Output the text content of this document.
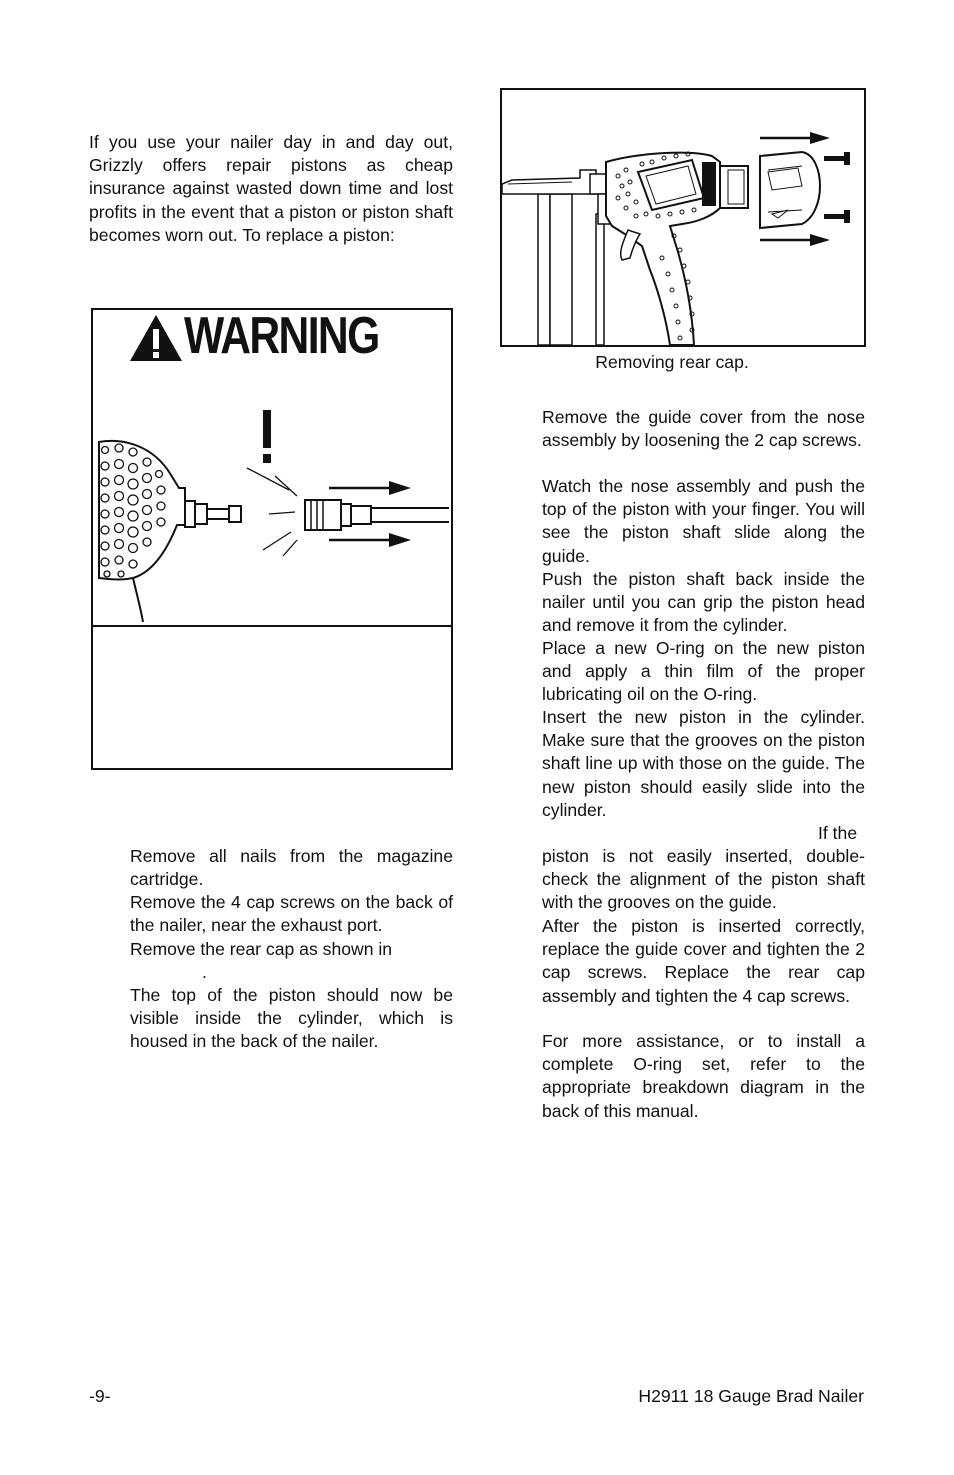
If you use your nailer day in and day out, Grizzly offers repair pistons as cheap insurance against wasted down time and lost profits in the event that a piston or piston shaft becomes worn out. To replace a piston:
WARNING
Remove all nails from the magazine cartridge.
Remove the 4 cap screws on the back of the nailer, near the exhaust port.
Remove the rear cap as shown in
.
The top of the piston should now be visible inside the cylinder, which is housed in the back of the nailer.
Removing rear cap.
Remove the guide cover from the nose assembly by loosening the 2 cap screws.
Watch the nose assembly and push the top of the piston with your finger. You will see the piston shaft slide along the guide.
Push the piston shaft back inside the nailer until you can grip the piston head and remove it from the cylinder.
Place a new O-ring on the new piston and apply a thin film of the proper lubricating oil on the O-ring.
Insert the new piston in the cylinder. Make sure that the grooves on the piston shaft line up with those on the guide. The new piston should easily slide into the cylinder.
If the
piston is not easily inserted, double-check the alignment of the piston shaft with the grooves on the guide.
After the piston is inserted correctly, replace the guide cover and tighten the 2 cap screws. Replace the rear cap assembly and tighten the 4 cap screws.
For more assistance, or to install a complete O-ring set, refer to the appropriate breakdown diagram in the back of this manual.
-9-	H2911 18 Gauge Brad Nailer
